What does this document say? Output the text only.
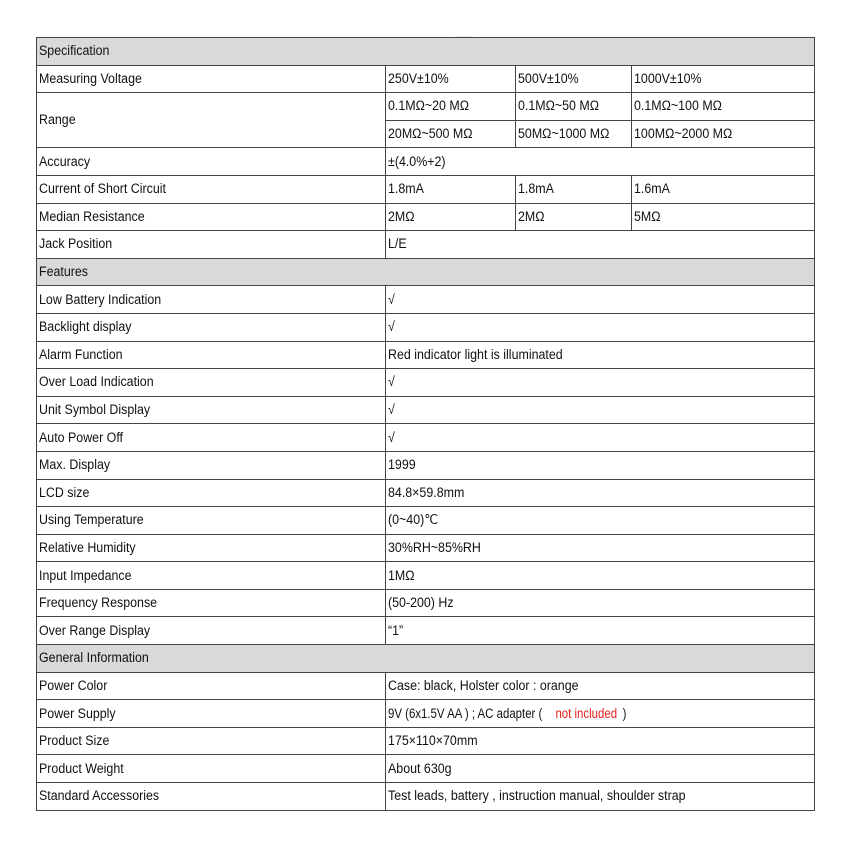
Specification			
Measuring Voltage	250V±10%	500V±10%	1000V±10%
Range	0.1MΩ~20 MΩ	0.1MΩ~50 MΩ	0.1MΩ~100 MΩ
	20MΩ~500 MΩ	50MΩ~1000 MΩ	100MΩ~2000 MΩ
Accuracy	±(4.0%+2)		
Current of Short Circuit	1.8mA	1.8mA	1.6mA
Median Resistance	2MΩ	2MΩ	5MΩ
Jack Position	L/E		
Features			
Low Battery Indication	√		
Backlight display	√		
Alarm Function	Red indicator light is illuminated		
Over Load Indication	√		
Unit Symbol Display	√		
Auto Power Off	√		
Max. Display	1999		
LCD size	84.8×59.8mm		
Using Temperature	(0~40)℃		
Relative Humidity	30%RH~85%RH		
Input Impedance	1MΩ		
Frequency Response	(50-200) Hz		
Over Range Display	“1”		
General Information			
Power Color	Case: black, Holster color : orange		
Power Supply	9V (6x1.5V AA ) ; AC adapter ( not included )		
Product Size	175×110×70mm		
Product Weight	About 630g		
Standard Accessories	Test leads, battery , instruction manual, shoulder strap		
